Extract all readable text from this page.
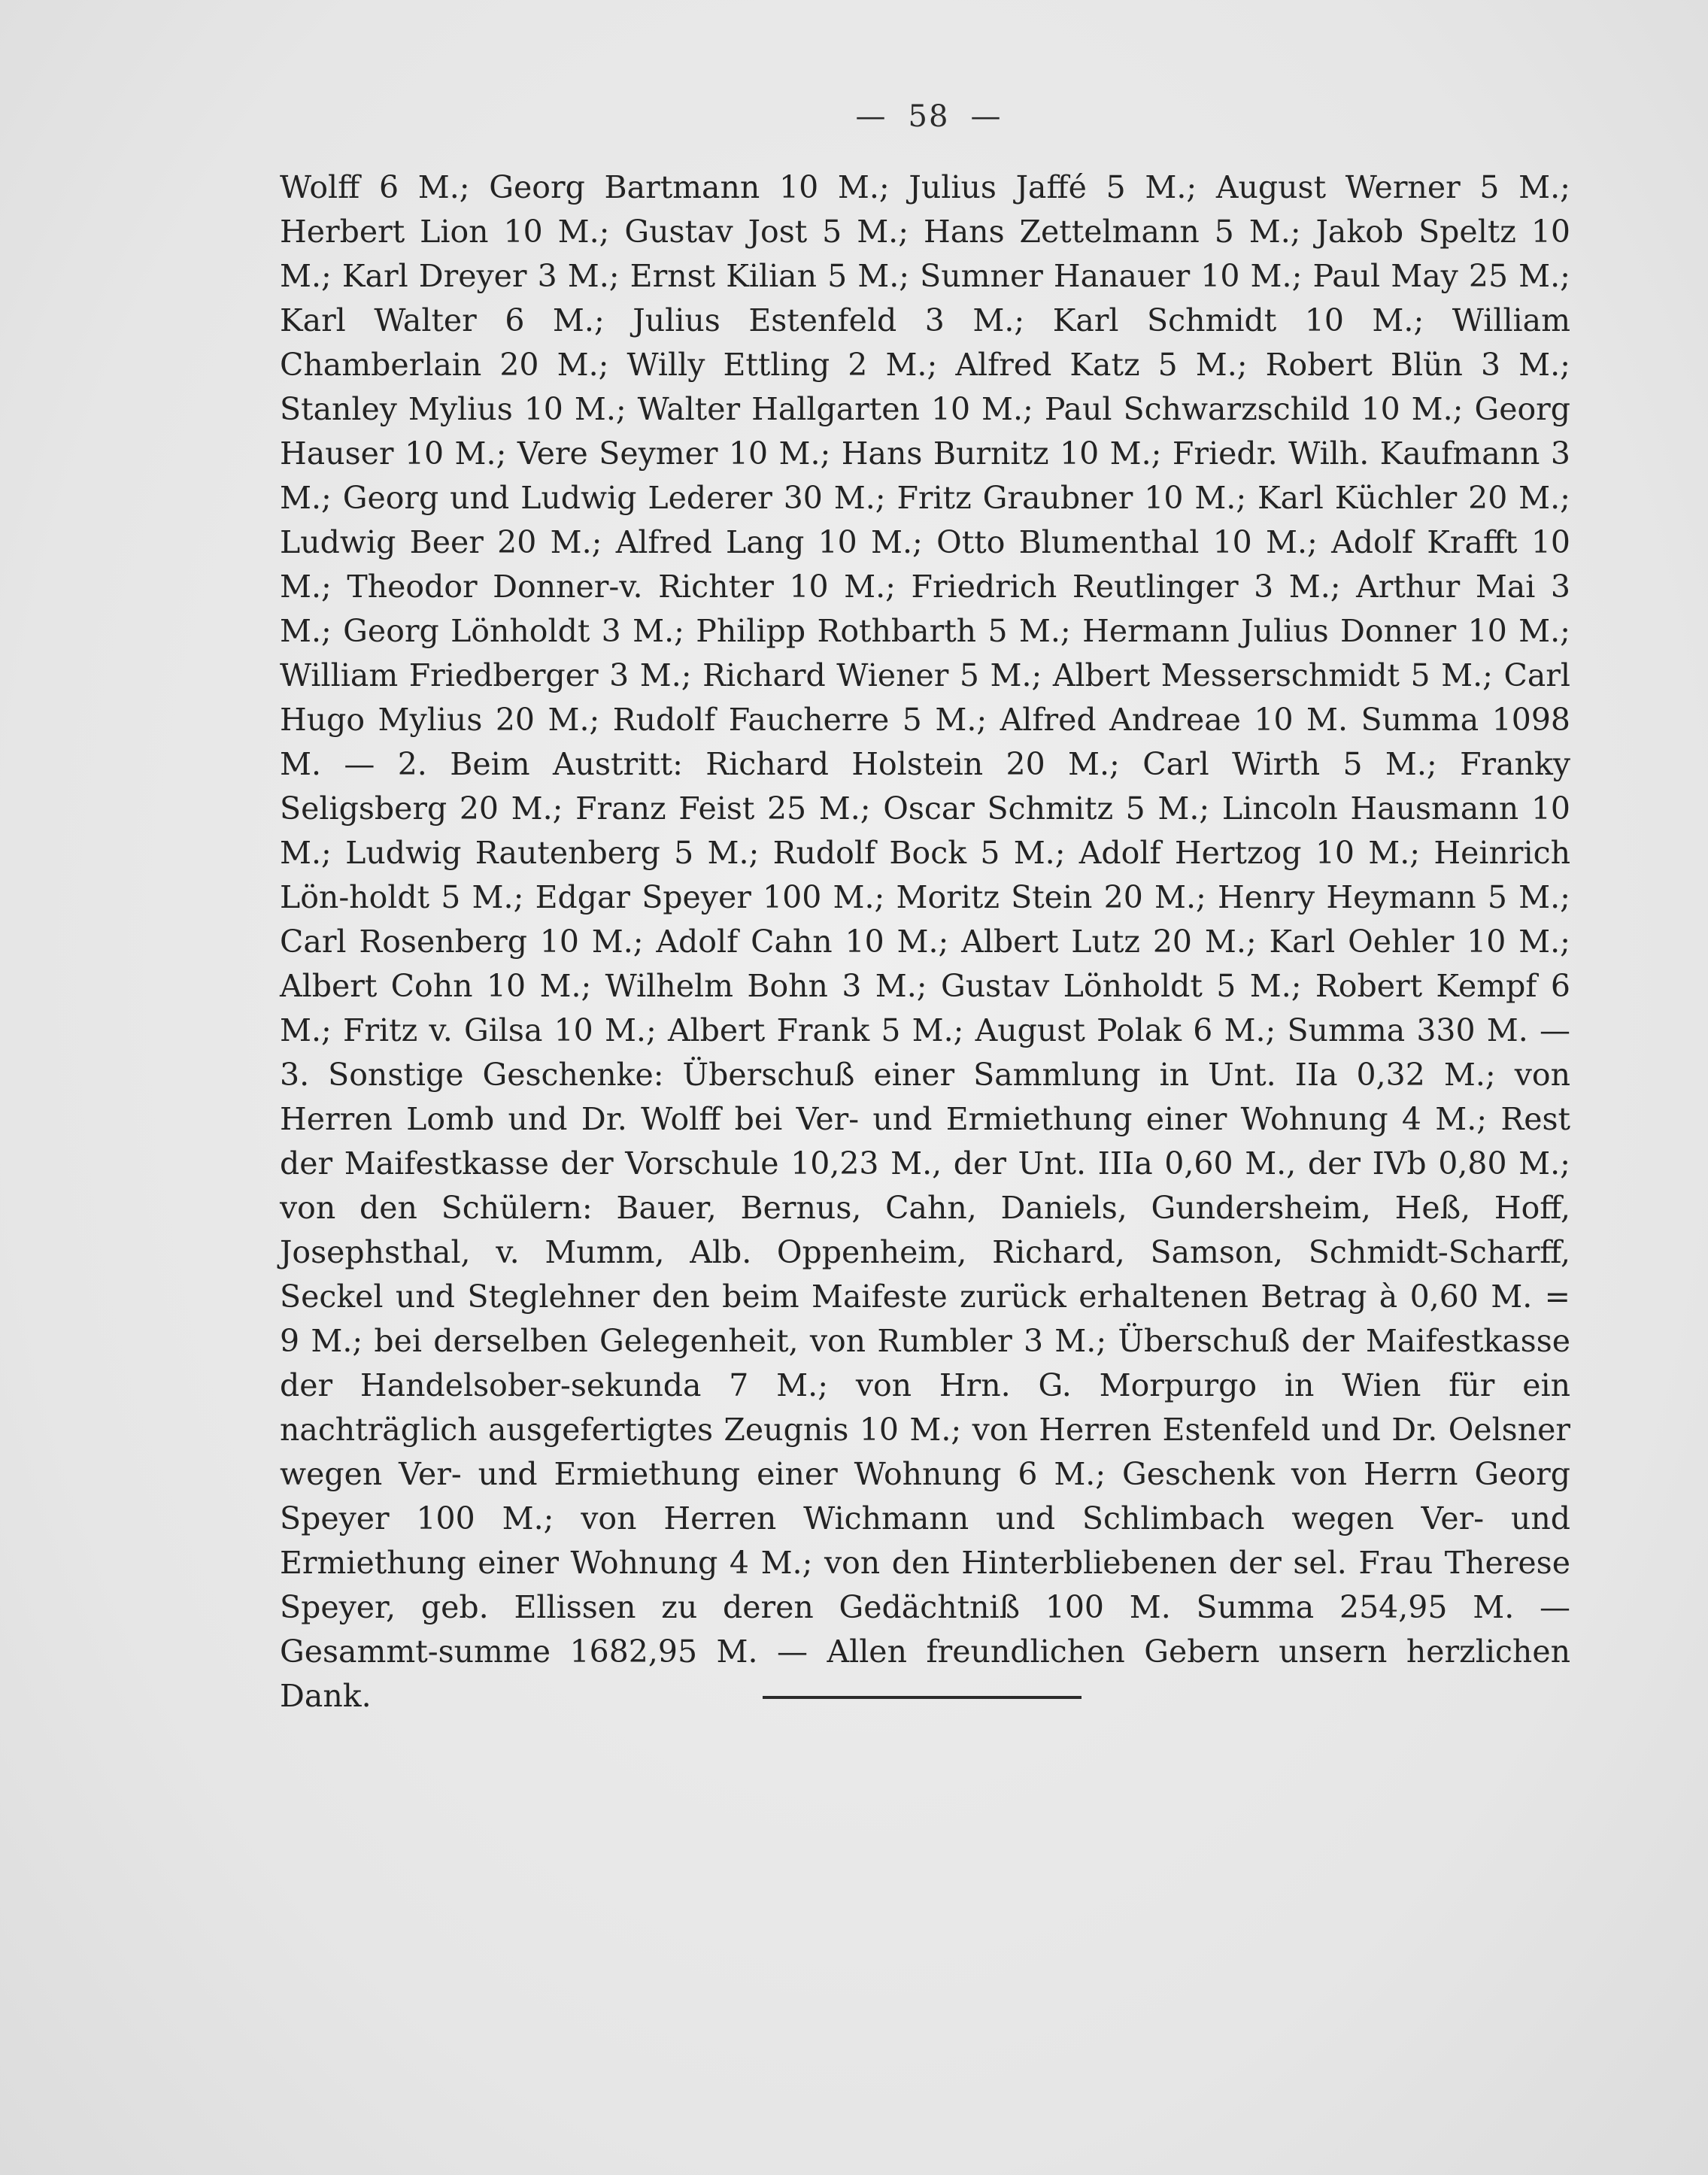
— 58 —

Wolff 6 M.; Georg Bartmann 10 M.; Julius Jaffé 5 M.; August Werner 5 M.; Herbert Lion 10 M.; Gustav Jost 5 M.; Hans Zettelmann 5 M.; Jakob Speltz 10 M.; Karl Dreyer 3 M.; Ernst Kilian 5 M.; Sumner Hanauer 10 M.; Paul May 25 M.; Karl Walter 6 M.; Julius Estenfeld 3 M.; Karl Schmidt 10 M.; William Chamberlain 20 M.; Willy Ettling 2 M.; Alfred Katz 5 M.; Robert Blün 3 M.; Stanley Mylius 10 M.; Walter Hallgarten 10 M.; Paul Schwarzschild 10 M.; Georg Hauser 10 M.; Vere Seymer 10 M.; Hans Burnitz 10 M.; Friedr. Wilh. Kaufmann 3 M.; Georg und Ludwig Lederer 30 M.; Fritz Graubner 10 M.; Karl Küchler 20 M.; Ludwig Beer 20 M.; Alfred Lang 10 M.; Otto Blumenthal 10 M.; Adolf Krafft 10 M.; Theodor Donner-v. Richter 10 M.; Friedrich Reutlinger 3 M.; Arthur Mai 3 M.; Georg Lönholdt 3 M.; Philipp Rothbarth 5 M.; Hermann Julius Donner 10 M.; William Friedberger 3 M.; Richard Wiener 5 M.; Albert Messerschmidt 5 M.; Carl Hugo Mylius 20 M.; Rudolf Faucherre 5 M.; Alfred Andreae 10 M. Summa 1098 M. — 2. Beim Austritt: Richard Holstein 20 M.; Carl Wirth 5 M.; Franky Seligsberg 20 M.; Franz Feist 25 M.; Oscar Schmitz 5 M.; Lincoln Hausmann 10 M.; Ludwig Rautenberg 5 M.; Rudolf Bock 5 M.; Adolf Hertzog 10 M.; Heinrich Lön-holdt 5 M.; Edgar Speyer 100 M.; Moritz Stein 20 M.; Henry Heymann 5 M.; Carl Rosenberg 10 M.; Adolf Cahn 10 M.; Albert Lutz 20 M.; Karl Oehler 10 M.; Albert Cohn 10 M.; Wilhelm Bohn 3 M.; Gustav Lönholdt 5 M.; Robert Kempf 6 M.; Fritz v. Gilsa 10 M.; Albert Frank 5 M.; August Polak 6 M.; Summa 330 M. — 3. Sonstige Geschenke: Überschuß einer Sammlung in Unt. IIa 0,32 M.; von Herren Lomb und Dr. Wolff bei Ver- und Ermiethung einer Wohnung 4 M.; Rest der Maifestkasse der Vorschule 10,23 M., der Unt. IIIa 0,60 M., der IVb 0,80 M.; von den Schülern: Bauer, Bernus, Cahn, Daniels, Gundersheim, Heß, Hoff, Josephsthal, v. Mumm, Alb. Oppenheim, Richard, Samson, Schmidt-Scharff, Seckel und Steglehner den beim Maifeste zurück erhaltenen Betrag à 0,60 M. = 9 M.; bei derselben Gelegenheit, von Rumbler 3 M.; Überschuß der Maifestkasse der Handelsober-sekunda 7 M.; von Hrn. G. Morpurgo in Wien für ein nachträglich ausgefertigtes Zeugnis 10 M.; von Herren Estenfeld und Dr. Oelsner wegen Ver- und Ermiethung einer Wohnung 6 M.; Geschenk von Herrn Georg Speyer 100 M.; von Herren Wichmann und Schlimbach wegen Ver- und Ermiethung einer Wohnung 4 M.; von den Hinterbliebenen der sel. Frau Therese Speyer, geb. Ellissen zu deren Gedächtniß 100 M. Summa 254,95 M. — Gesammt-summe 1682,95 M. — Allen freundlichen Gebern unsern herzlichen Dank.
